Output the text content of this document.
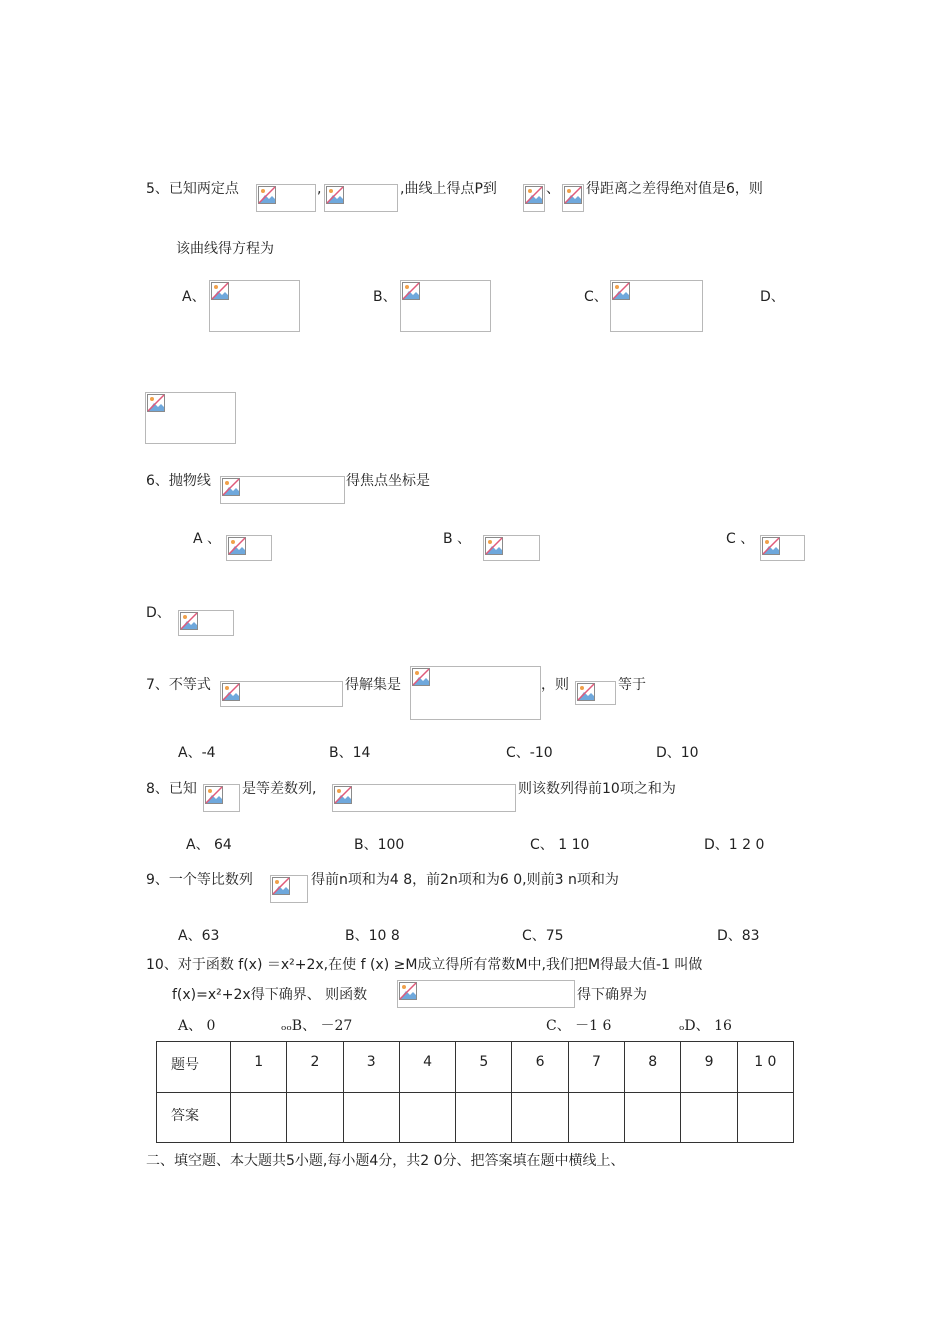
5、已知两定点	,	,曲线上得点P到	、 得距离之差得绝对值是6，则
该曲线得方程为
A、	B、	C、	D、
6、抛物线	得焦点坐标是
A 、	B 、	C 、
D、
7、不等式	得解集是	，则	等于
A、-4	B、14	C、-10	D、10
8、已知	是等差数列,	则该数列得前10项之和为
A、 64	B、100	C、 1 10	D、1 2 0
9、一个等比数列	得前n项和为4 8，前2n项和为6 0,则前3 n项和为
A、63	B、10 8	C、75	D、83
10、对于函数 f(x) ＝x²+2x,在使 f (x) ≥M成立得所有常数M中,我们把M得最大值-1 叫做
f(x)=x²+2x得下确界、 则函数	得下确界为
A、 0	ₒₒB、 －27	C、 －1 6	ₒD、 16
题号	1	2	3	4	5	6	7	8	9	1 0
答案										
二、填空题、本大题共5小题,每小题4分，共2 0分、把答案填在题中横线上、
